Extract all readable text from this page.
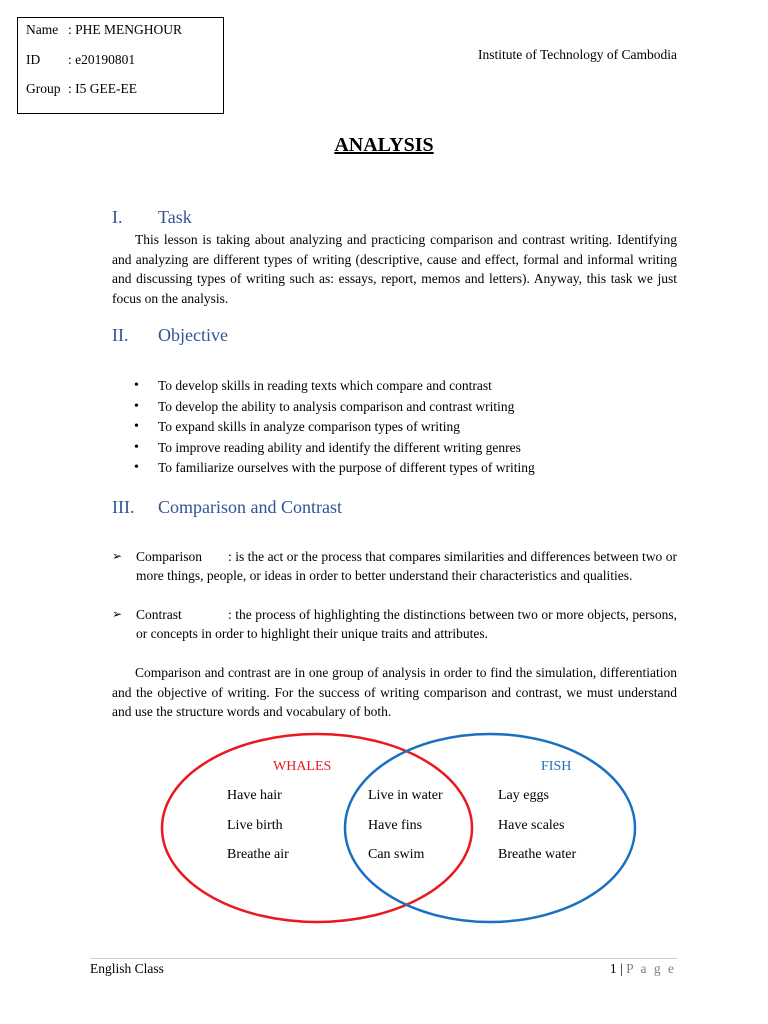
Name : PHE MENGHOUR
ID : e20190801
Group : I5 GEE-EE
Institute of Technology of Cambodia
ANALYSIS
I. Task
This lesson is taking about analyzing and practicing comparison and contrast writing. Identifying and analyzing are different types of writing (descriptive, cause and effect, formal and informal writing and discussing types of writing such as: essays, report, memos and letters). Anyway, this task we just focus on the analysis.
II. Objective
• To develop skills in reading texts which compare and contrast
• To develop the ability to analysis comparison and contrast writing
• To expand skills in analyze comparison types of writing
• To improve reading ability and identify the different writing genres
• To familiarize ourselves with the purpose of different types of writing
III. Comparison and Contrast
➢ Comparison : is the act or the process that compares similarities and differences between two or more things, people, or ideas in order to better understand their characteristics and qualities.
➢ Contrast	: the process of highlighting the distinctions between two or more objects, persons, or concepts in order to highlight their unique traits and attributes.
Comparison and contrast are in one group of analysis in order to find the simulation, differentiation and the objective of writing. For the success of writing comparison and contrast, we must understand and use the structure words and vocabulary of both.
WHALES	FISH
Have hair
Live birth
Breathe air
Live in water
Have fins
Can swim
Lay eggs
Have scales
Breathe water
English Class	1 | P a g e
